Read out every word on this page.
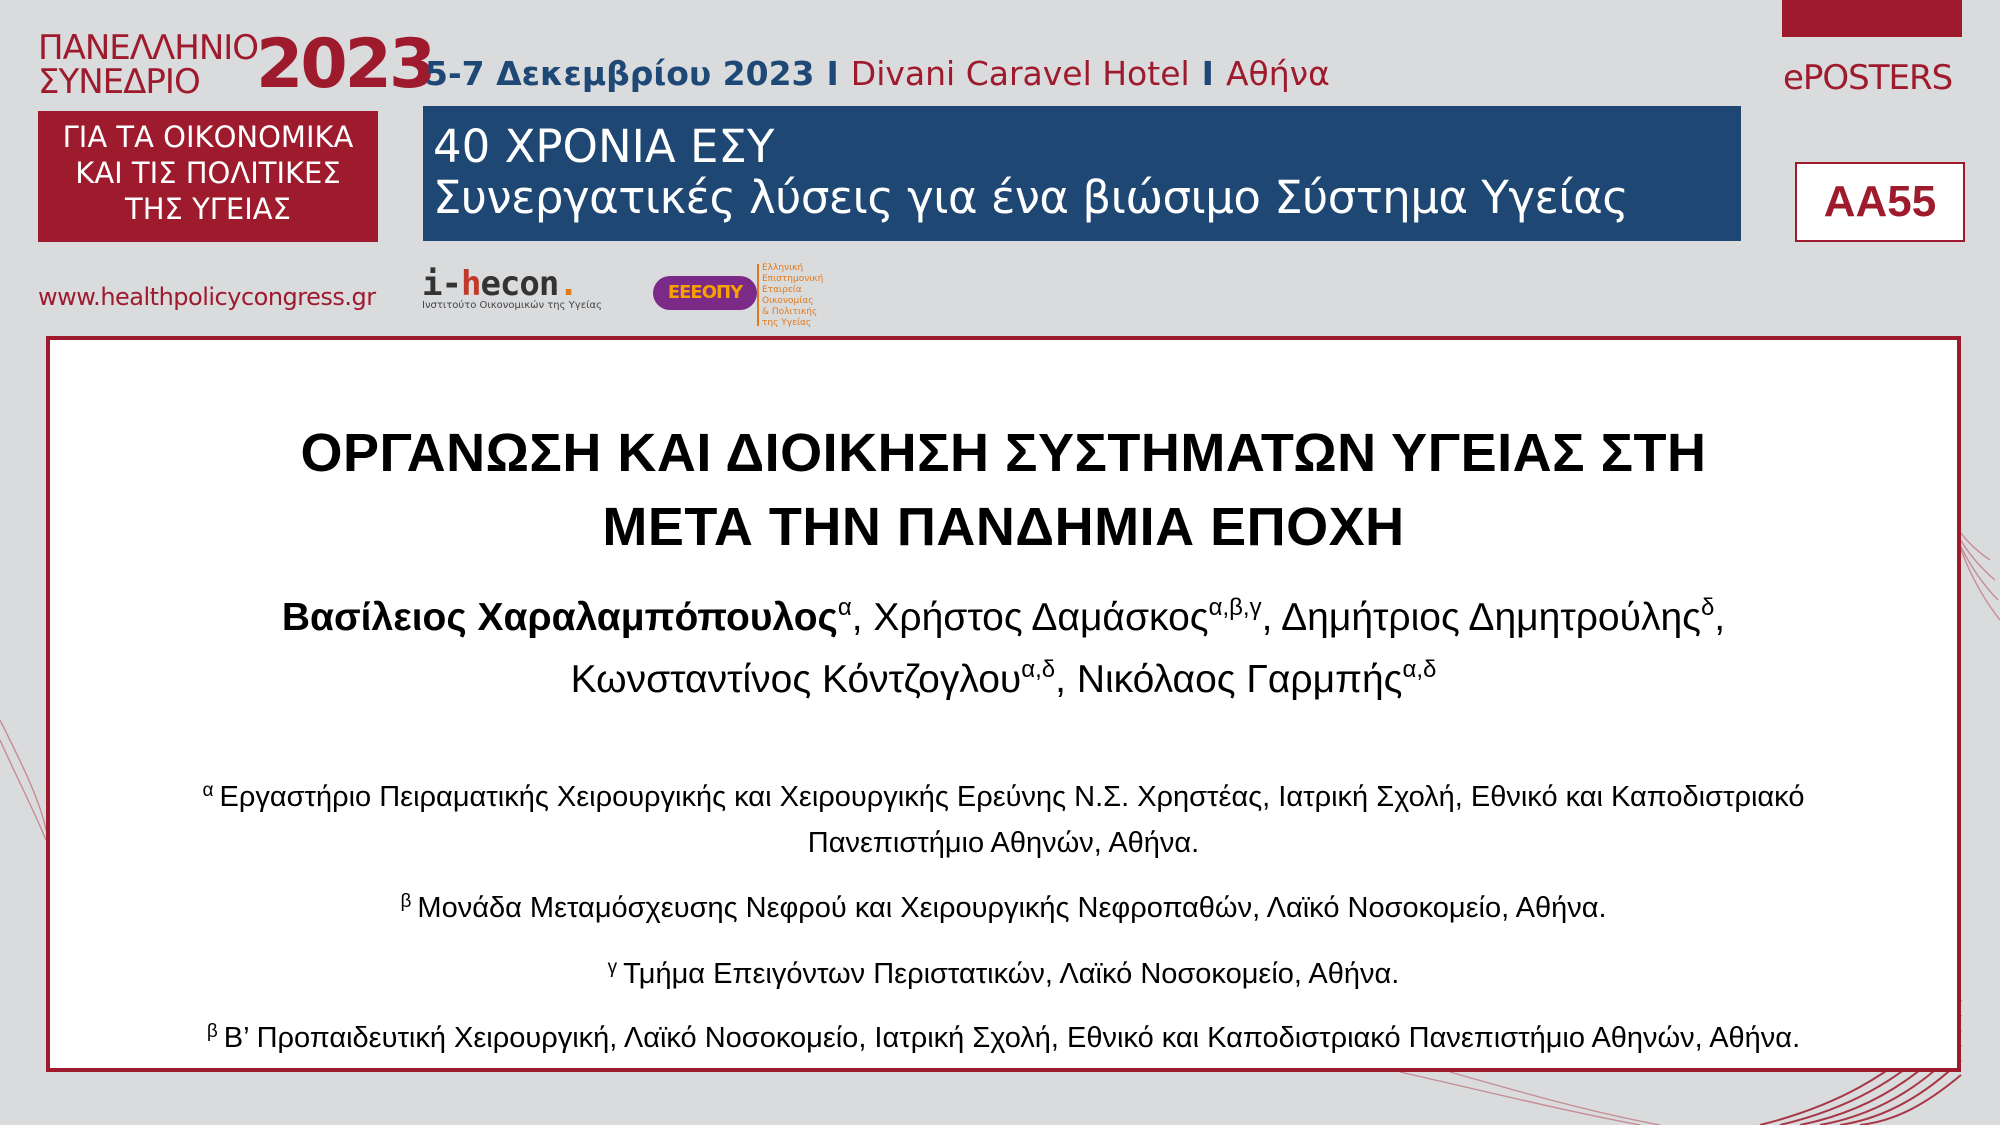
ΠΑΝΕΛΛΗΝΙΟ
ΣΥΝΕΔΡΙΟ 2023
ΓΙΑ ΤΑ ΟΙΚΟΝΟΜΙΚΑ
ΚΑΙ ΤΙΣ ΠΟΛΙΤΙΚΕΣ
ΤΗΣ ΥΓΕΙΑΣ
www.healthpolicycongress.gr
5-7 Δεκεμβρίου 2023 I Divani Caravel Hotel I Αθήνα
40 ΧΡΟΝΙΑ ΕΣΥ
Συνεργατικές λύσεις για ένα βιώσιμο Σύστημα Υγείας
i-hecon.
Ινστιτούτο Οικονομικών της Υγείας
ΕΕΕΟΠΥ
Ελληνική
Επιστημονική
Εταιρεία
Οικονομίας
& Πολιτικής
της Υγείας
ePOSTERS
AA55
ΟΡΓΑΝΩΣΗ ΚΑΙ ΔΙΟΙΚΗΣΗ ΣΥΣΤΗΜΑΤΩΝ ΥΓΕΙΑΣ ΣΤΗ
ΜΕΤΑ ΤΗΝ ΠΑΝΔΗΜΙΑ ΕΠΟΧΗ
Βασίλειος Χαραλαμπόπουλος$^\alpha$, Χρήστος Δαμάσκος$^{\alpha,\beta,\gamma}$, Δημήτριος Δημητρούλης$^\delta$,
Κωνσταντίνος Κόντζογλου$^{\alpha,\delta}$, Νικόλαος Γαρμπής$^{\alpha,\delta}$
$^\alpha$ Εργαστήριο Πειραματικής Χειρουργικής και Χειρουργικής Ερεύνης Ν.Σ. Χρηστέας, Ιατρική Σχολή, Εθνικό και Καποδιστριακό
Πανεπιστήμιο Αθηνών, Αθήνα.
$^\beta$ Μονάδα Μεταμόσχευσης Νεφρού και Χειρουργικής Νεφροπαθών, Λαϊκό Νοσοκομείο, Αθήνα.
$^\gamma$ Τμήμα Επειγόντων Περιστατικών, Λαϊκό Νοσοκομείο, Αθήνα.
$^\beta$ Β’ Προπαιδευτική Χειρουργική, Λαϊκό Νοσοκομείο, Ιατρική Σχολή, Εθνικό και Καποδιστριακό Πανεπιστήμιο Αθηνών, Αθήνα.
